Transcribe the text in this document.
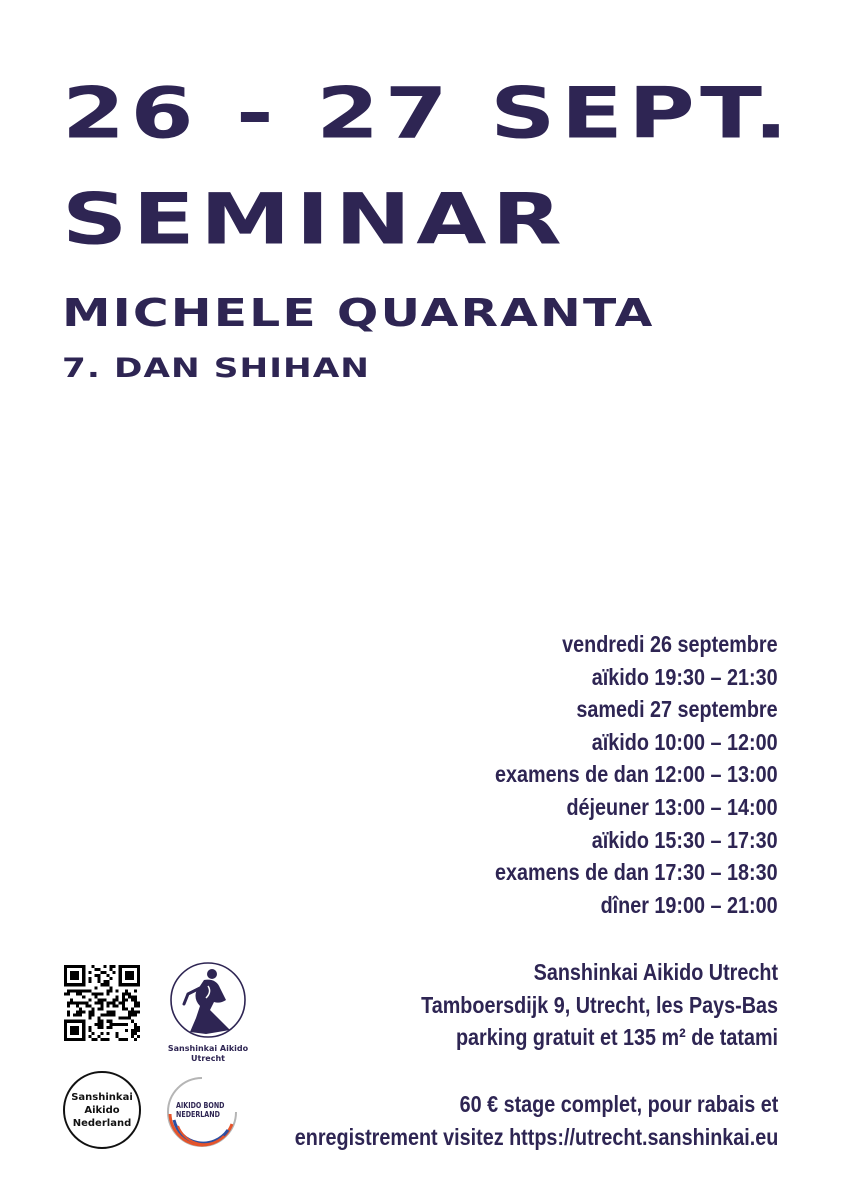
26 - 27 SEPT.
SEMINAR
MICHELE QUARANTA
7. DAN SHIHAN
vendredi 26 septembre
aïkido 19:30 – 21:30
samedi 27 septembre
aïkido 10:00 – 12:00
examens de dan 12:00 – 13:00
déjeuner 13:00 – 14:00
aïkido 15:30 – 17:30
examens de dan 17:30 – 18:30
dîner 19:00 – 21:00
Sanshinkai Aikido Utrecht
Tamboersdijk 9, Utrecht, les Pays-Bas
parking gratuit et 135 m² de tatami
60 € stage complet, pour rabais et
enregistrement visitez https://utrecht.sanshinkai.eu
Sanshinkai Aikido
Utrecht
Sanshinkai
Aikido
Nederland
AIKIDO BOND
NEDERLAND
